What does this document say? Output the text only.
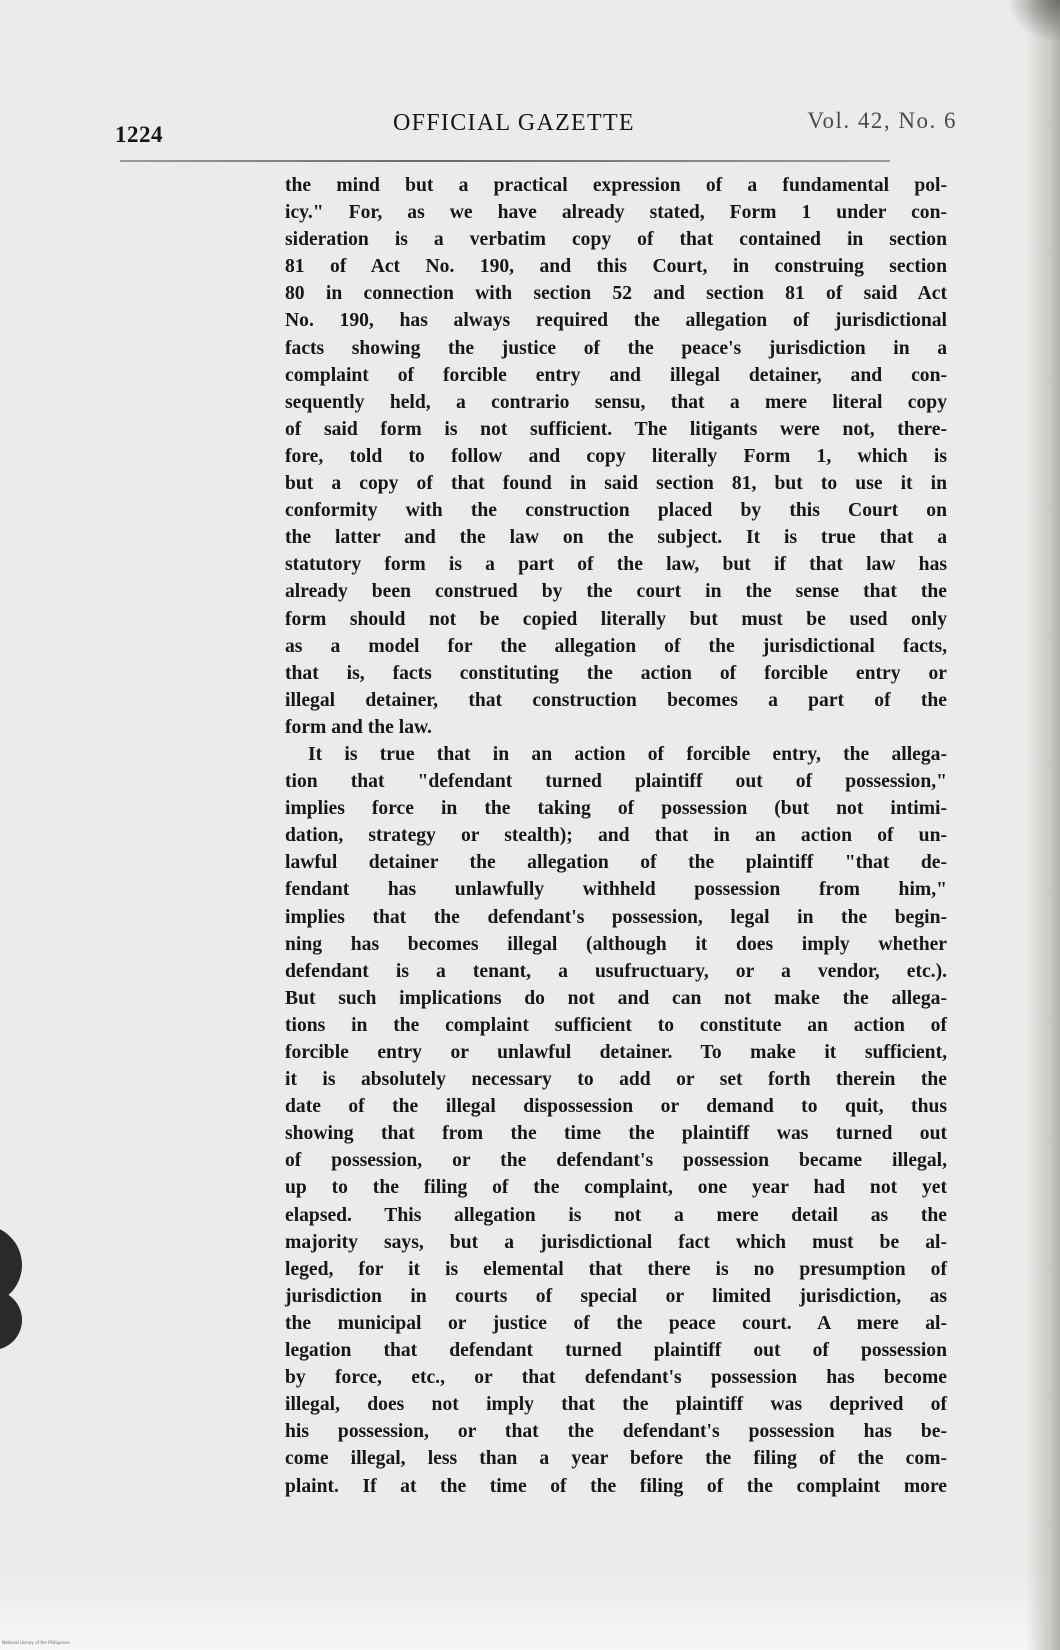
1224	OFFICIAL GAZETTE	Vol. 42, No. 6
the mind but a practical expression of a fundamental pol-
icy." For, as we have already stated, Form 1 under con-
sideration is a verbatim copy of that contained in section
81 of Act No. 190, and this Court, in construing section
80 in connection with section 52 and section 81 of said Act
No. 190, has always required the allegation of jurisdictional
facts showing the justice of the peace's jurisdiction in a
complaint of forcible entry and illegal detainer, and con-
sequently held, a contrario sensu, that a mere literal copy
of said form is not sufficient. The litigants were not, there-
fore, told to follow and copy literally Form 1, which is
but a copy of that found in said section 81, but to use it in
conformity with the construction placed by this Court on
the latter and the law on the subject. It is true that a
statutory form is a part of the law, but if that law has
already been construed by the court in the sense that the
form should not be copied literally but must be used only
as a model for the allegation of the jurisdictional facts,
that is, facts constituting the action of forcible entry or
illegal detainer, that construction becomes a part of the
form and the law.
It is true that in an action of forcible entry, the allega-
tion that "defendant turned plaintiff out of possession,"
implies force in the taking of possession (but not intimi-
dation, strategy or stealth); and that in an action of un-
lawful detainer the allegation of the plaintiff "that de-
fendant has unlawfully withheld possession from him,"
implies that the defendant's possession, legal in the begin-
ning has becomes illegal (although it does imply whether
defendant is a tenant, a usufructuary, or a vendor, etc.).
But such implications do not and can not make the allega-
tions in the complaint sufficient to constitute an action of
forcible entry or unlawful detainer. To make it sufficient,
it is absolutely necessary to add or set forth therein the
date of the illegal dispossession or demand to quit, thus
showing that from the time the plaintiff was turned out
of possession, or the defendant's possession became illegal,
up to the filing of the complaint, one year had not yet
elapsed. This allegation is not a mere detail as the
majority says, but a jurisdictional fact which must be al-
leged, for it is elemental that there is no presumption of
jurisdiction in courts of special or limited jurisdiction, as
the municipal or justice of the peace court. A mere al-
legation that defendant turned plaintiff out of possession
by force, etc., or that defendant's possession has become
illegal, does not imply that the plaintiff was deprived of
his possession, or that the defendant's possession has be-
come illegal, less than a year before the filing of the com-
plaint. If at the time of the filing of the complaint more
National Library of the Philippines
